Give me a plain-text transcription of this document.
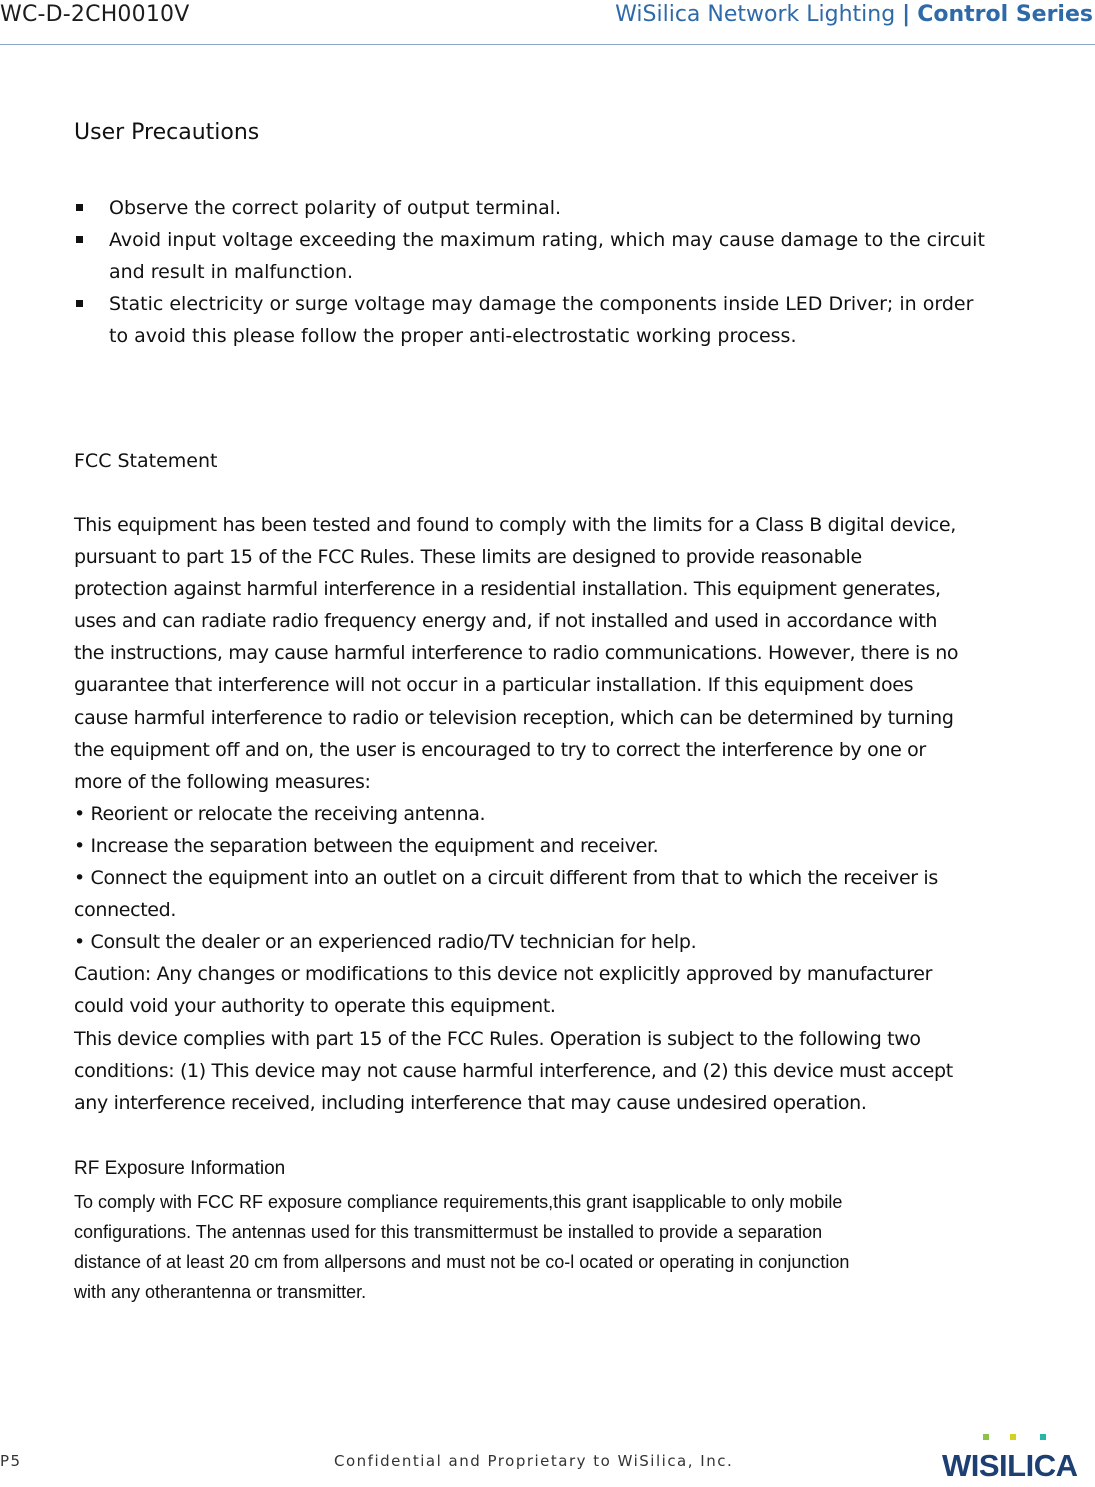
WC-D-2CH0010V	WiSilica Network Lighting | Control Series
User Precautions
Observe the correct polarity of output terminal.
Avoid input voltage exceeding the maximum rating, which may cause damage to the circuit
and result in malfunction.
Static electricity or surge voltage may damage the components inside LED Driver; in order
to avoid this please follow the proper anti-electrostatic working process.
FCC Statement
This equipment has been tested and found to comply with the limits for a Class B digital device,
pursuant to part 15 of the FCC Rules. These limits are designed to provide reasonable
protection against harmful interference in a residential installation. This equipment generates,
uses and can radiate radio frequency energy and, if not installed and used in accordance with
the instructions, may cause harmful interference to radio communications. However, there is no
guarantee that interference will not occur in a particular installation. If this equipment does
cause harmful interference to radio or television reception, which can be determined by turning
the equipment off and on, the user is encouraged to try to correct the interference by one or
more of the following measures:
• Reorient or relocate the receiving antenna.
• Increase the separation between the equipment and receiver.
• Connect the equipment into an outlet on a circuit different from that to which the receiver is
connected.
• Consult the dealer or an experienced radio/TV technician for help.
Caution: Any changes or modifications to this device not explicitly approved by manufacturer
could void your authority to operate this equipment.
This device complies with part 15 of the FCC Rules. Operation is subject to the following two
conditions: (1) This device may not cause harmful interference, and (2) this device must accept
any interference received, including interference that may cause undesired operation.
RF Exposure Information
To comply with FCC RF exposure compliance requirements,this grant isapplicable to only mobile
configurations. The antennas used for this transmittermust be installed to provide a separation
distance of at least 20 cm from allpersons and must not be co-l ocated or operating in conjunction
with any otherantenna or transmitter.
P5	Confidential and Proprietary to WiSilica, Inc.	WISILICA
